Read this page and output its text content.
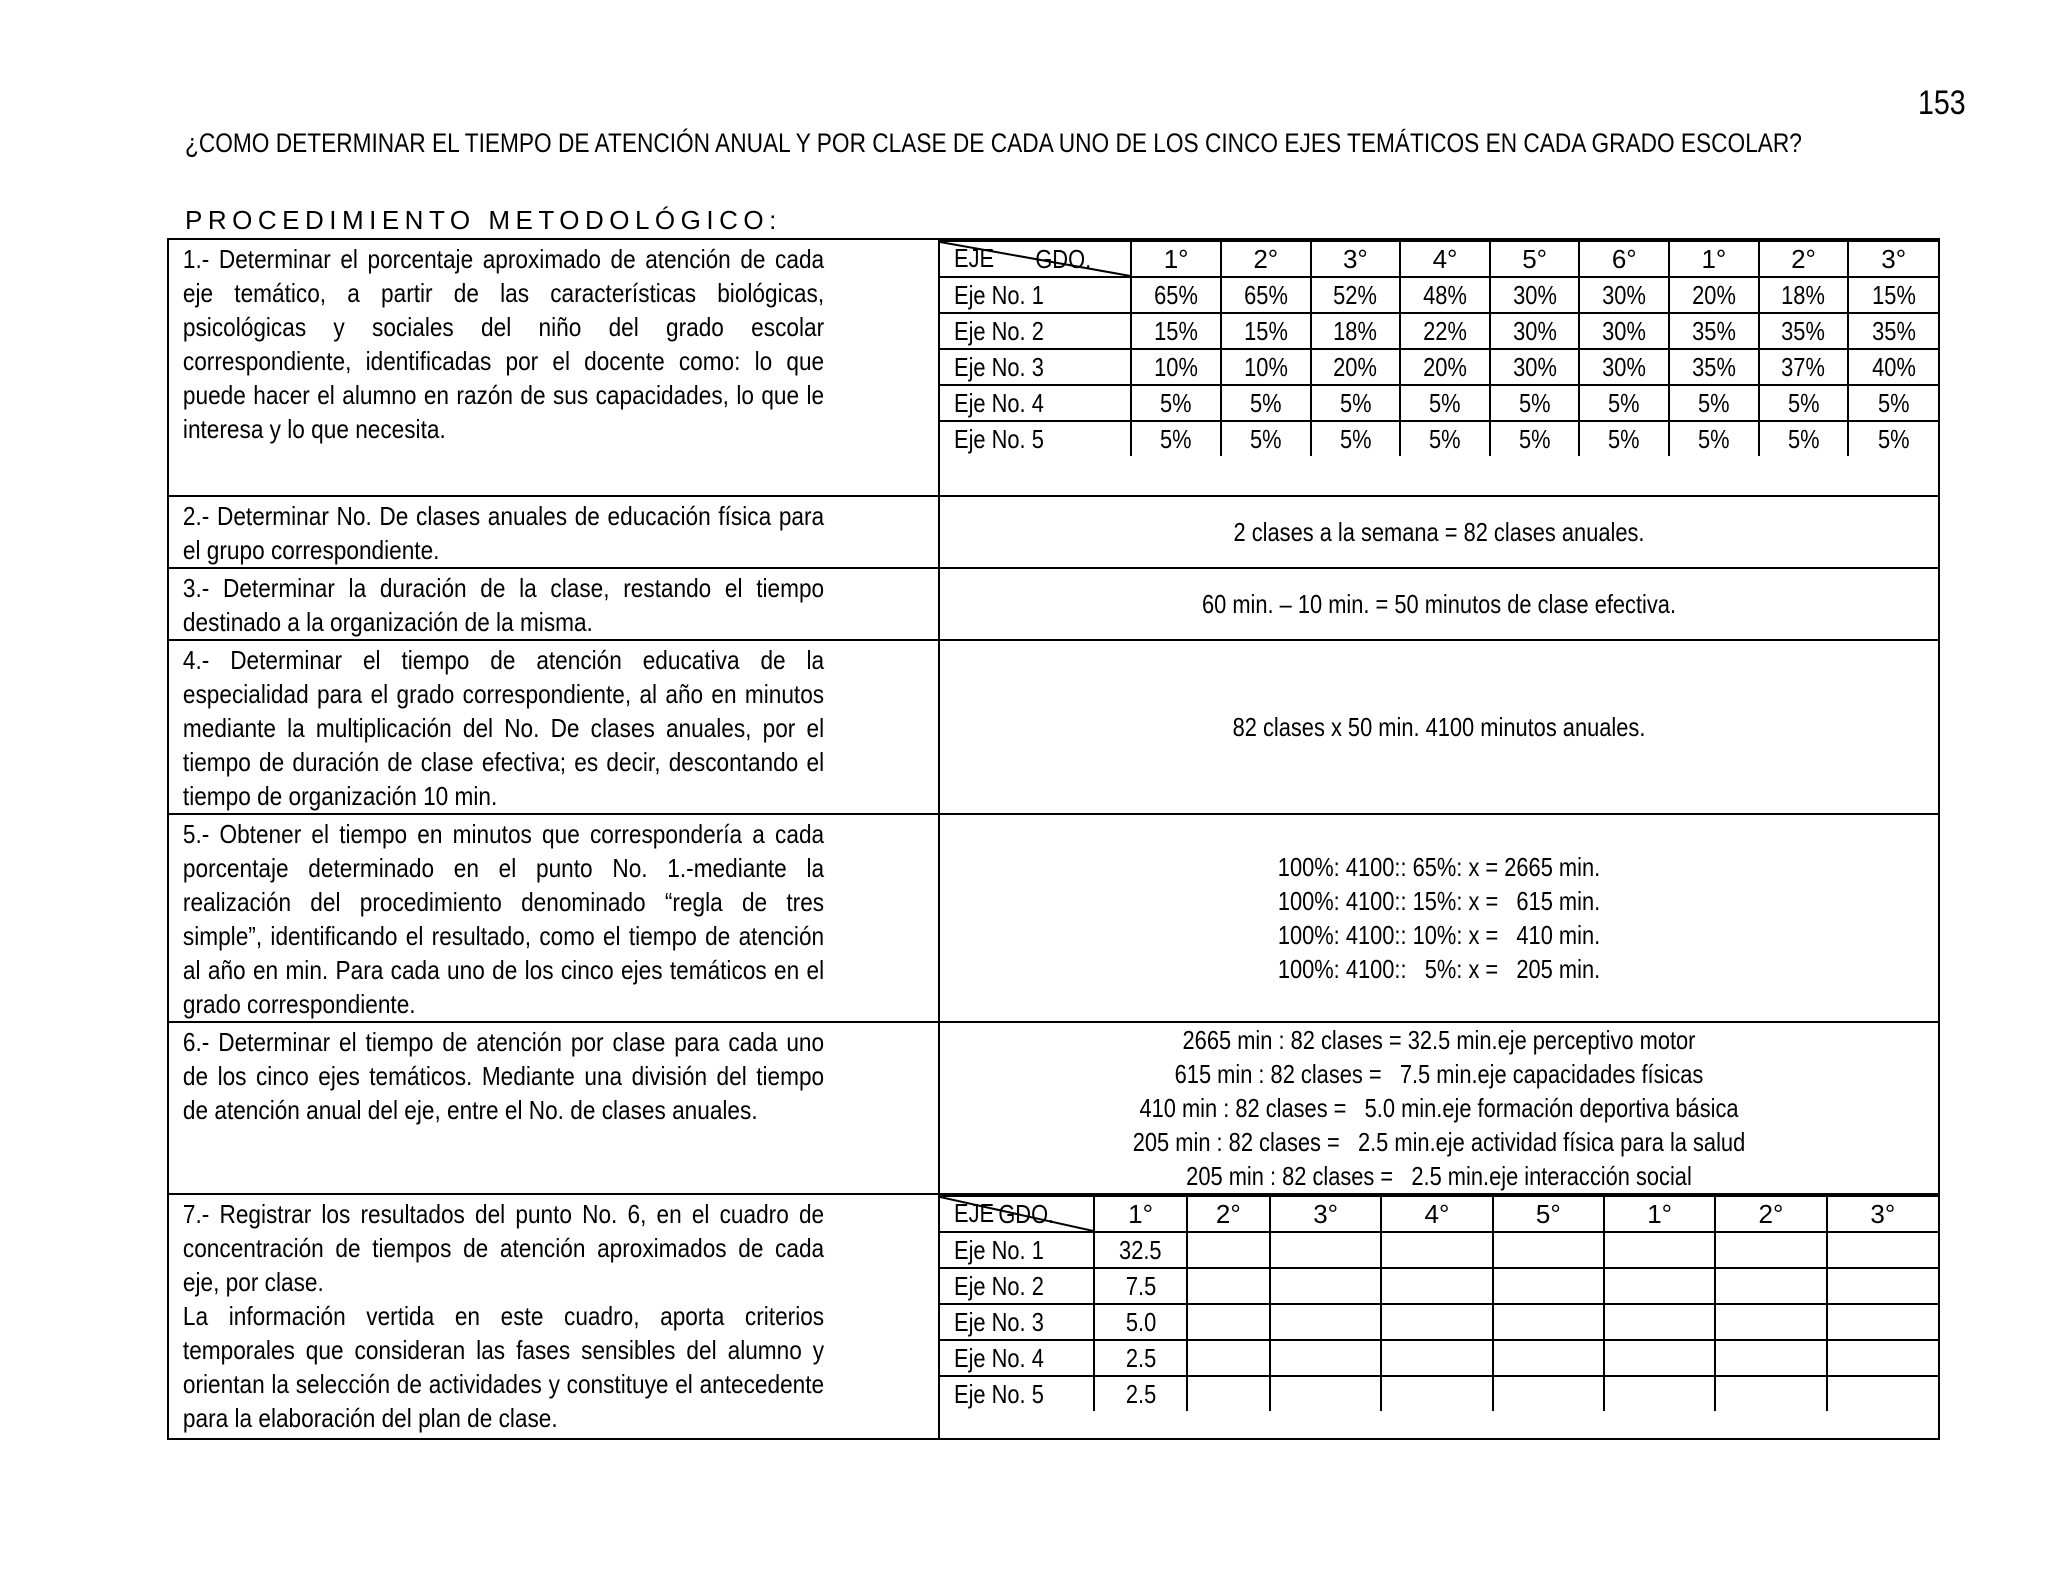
153
¿COMO DETERMINAR EL TIEMPO DE ATENCIÓN ANUAL Y POR CLASE DE CADA UNO DE LOS CINCO EJES TEMÁTICOS EN CADA GRADO ESCOLAR?
PROCEDIMIENTO METODOLÓGICO:
1.- Determinar el porcentaje aproximado de atención de cada eje temático, a partir de las características biológicas, psicológicas y sociales del niño del grado escolar correspondiente, identificadas por el docente como: lo que puede hacer el alumno en razón de sus capacidades, lo que le interesa y lo que necesita.

GDO.
EJE	1°	2°	3°	4°	5°	6°	1°	2°	3°
Eje No. 1	65%	65%	52%	48%	30%	30%	20%	18%	15%
Eje No. 2	15%	15%	18%	22%	30%	30%	35%	35%	35%
Eje No. 3	10%	10%	20%	20%	30%	30%	35%	37%	40%
Eje No. 4	5%	5%	5%	5%	5%	5%	5%	5%	5%
Eje No. 5	5%	5%	5%	5%	5%	5%	5%	5%	5%

2.- Determinar No. De clases anuales de educación física para el grupo correspondiente.

2 clases a la semana = 82 clases anuales.

3.- Determinar la duración de la clase, restando el tiempo destinado a la organización de la misma.

60 min. – 10 min. = 50 minutos de clase efectiva.

4.- Determinar el tiempo de atención educativa de la especialidad para el grado correspondiente, al año en minutos mediante la multiplicación del No. De clases anuales, por el tiempo de duración de clase efectiva; es decir, descontando el tiempo de organización 10 min.

82 clases x 50 min. 4100 minutos anuales.

5.- Obtener el tiempo en minutos que correspondería a cada porcentaje determinado en el punto No. 1.-mediante la realización del procedimiento denominado “regla de tres simple”, identificando el resultado, como el tiempo de atención al año en min. Para cada uno de los cinco ejes temáticos en el grado correspondiente.

100%: 4100:: 65%: x = 2665 min.
100%: 4100:: 15%: x =   615 min.
100%: 4100:: 10%: x =   410 min.
100%: 4100::   5%: x =   205 min.

6.- Determinar el tiempo de atención por clase para cada uno de los cinco ejes temáticos. Mediante una división del tiempo de atención anual del eje, entre el No. de clases anuales.

2665 min : 82 clases = 32.5 min.eje perceptivo motor
615 min : 82 clases =   7.5 min.eje capacidades físicas
410 min : 82 clases =   5.0 min.eje formación deportiva básica
205 min : 82 clases =   2.5 min.eje actividad física para la salud
205 min : 82 clases =   2.5 min.eje interacción social

7.- Registrar los resultados del punto No. 6, en el cuadro de concentración de tiempos de atención aproximados de cada eje, por clase.
La información vertida en este cuadro, aporta criterios temporales que consideran las fases sensibles del alumno y orientan la selección de actividades y constituye el antecedente para la elaboración del plan de clase.

GDO.
EJE	1°	2°	3°	4°	5°	1°	2°	3°
Eje No. 1	32.5							
Eje No. 2	7.5							
Eje No. 3	5.0							
Eje No. 4	2.5							
Eje No. 5	2.5							
